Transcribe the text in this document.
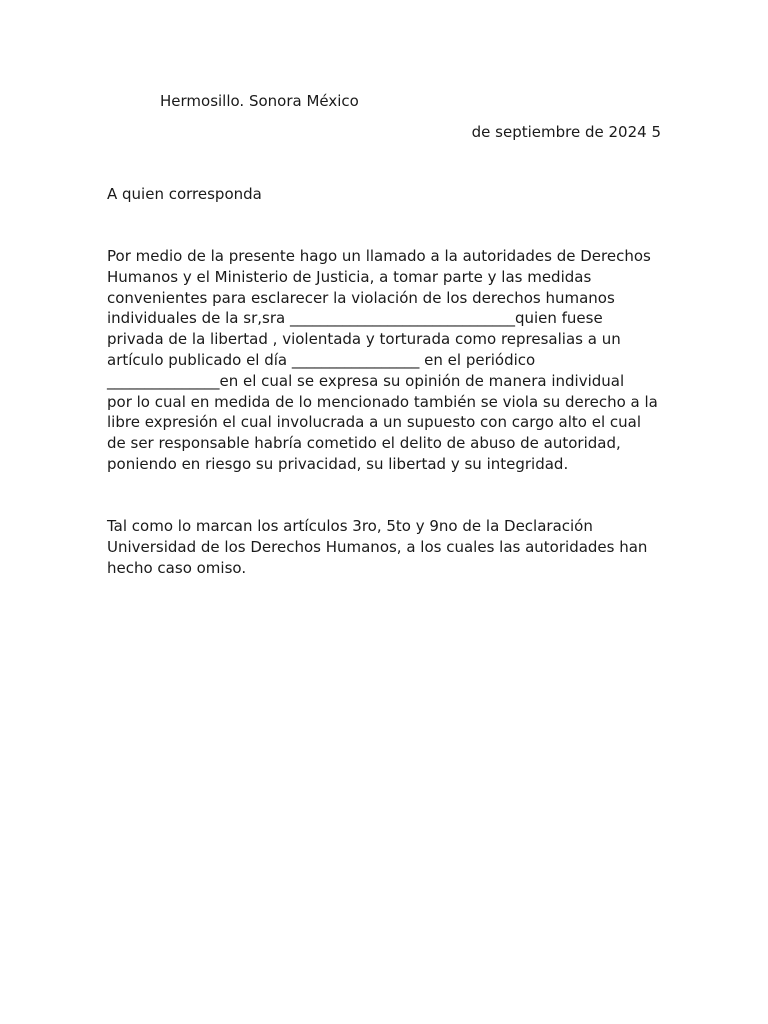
Hermosillo. Sonora México
de septiembre de 2024 5
A quien corresponda
Por medio de la presente hago un llamado a la autoridades de Derechos
Humanos y el Ministerio de Justicia, a tomar parte y las medidas
convenientes para esclarecer la violación de los derechos humanos
individuales de la sr,sra ______________________________quien fuese
privada de la libertad , violentada y torturada como represalias a un
artículo publicado el día _________________ en el periódico
_______________en el cual se expresa su opinión de manera individual
por lo cual en medida de lo mencionado también se viola su derecho a la
libre expresión el cual involucrada a un supuesto con cargo alto el cual
de ser responsable habría cometido el delito de abuso de autoridad,
poniendo en riesgo su privacidad, su libertad y su integridad.
Tal como lo marcan los artículos 3ro, 5to y 9no de la Declaración
Universidad de los Derechos Humanos, a los cuales las autoridades han
hecho caso omiso.
